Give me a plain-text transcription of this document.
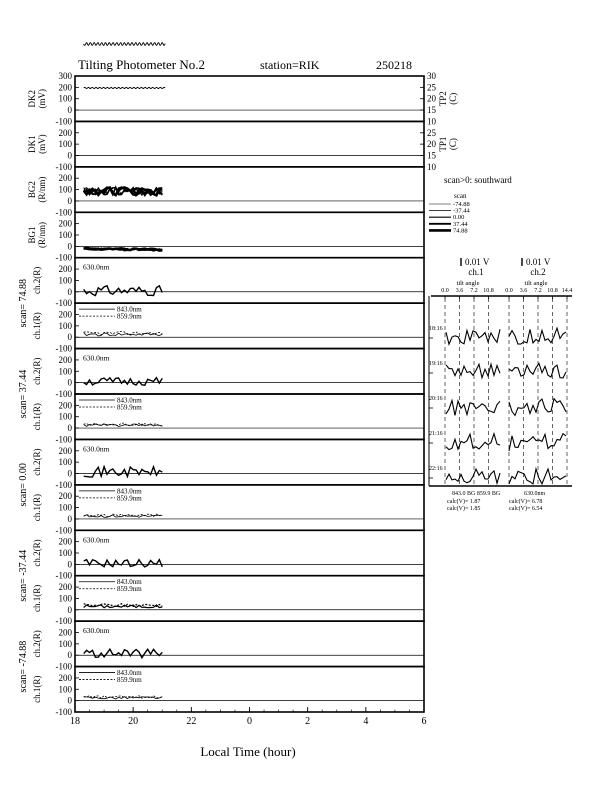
Tilting Photometer No.2	station=RIK	250218
300
200
100
0
-100
30
25
20
15
10
TP2 (C)
DK2 (mV)
200
100
0
-100
25
20
15
10
TP1 (C)
DK1 (mV)
200
100
0
-100
BG2 (R/nm)
200
100
0
-100
BG1 (R/nm)
200
100
0
-100
ch.2(R)	630.0nm
200
100
0
-100
ch.1(R)
843.0nm
859.9nm
200
100
0
-100
ch.2(R)	630.0nm
200
100
0
-100
ch.1(R)
843.0nm
859.9nm
200
100
0
-100
ch.2(R)	630.0nm
200
100
0
-100
ch.1(R)
843.0nm
859.9nm
200
100
0
-100
ch.2(R)	630.0nm
200
100
0
-100
ch.1(R)
843.0nm
859.9nm
200
100
0
-100
ch.2(R)	630.0nm
200
100
0
-100
ch.1(R)
843.0nm
859.9nm
scan= 74.88
scan= 37.44
scan= 0.00
scan= -37.44
scan= -74.88
18	20	22	0	2	4	6
Local Time (hour)
scan>0: southward
scan
-74.88
-37.44
0.00
37.44
74.88
0.01 V
ch.1
0.01 V
ch.2
tilt angle	tilt angle
0.0 3.6 7.2 10.8 0.0 3.6 7.2 10.8 14.4
18:16
19:16
20:16
21:16
22:16
843.0 BG 859.9 BG	630.0nm
calc(V)= 1.87
calc(V)= 1.85
calc(V)= 6.78
calc(V)= 6.54
